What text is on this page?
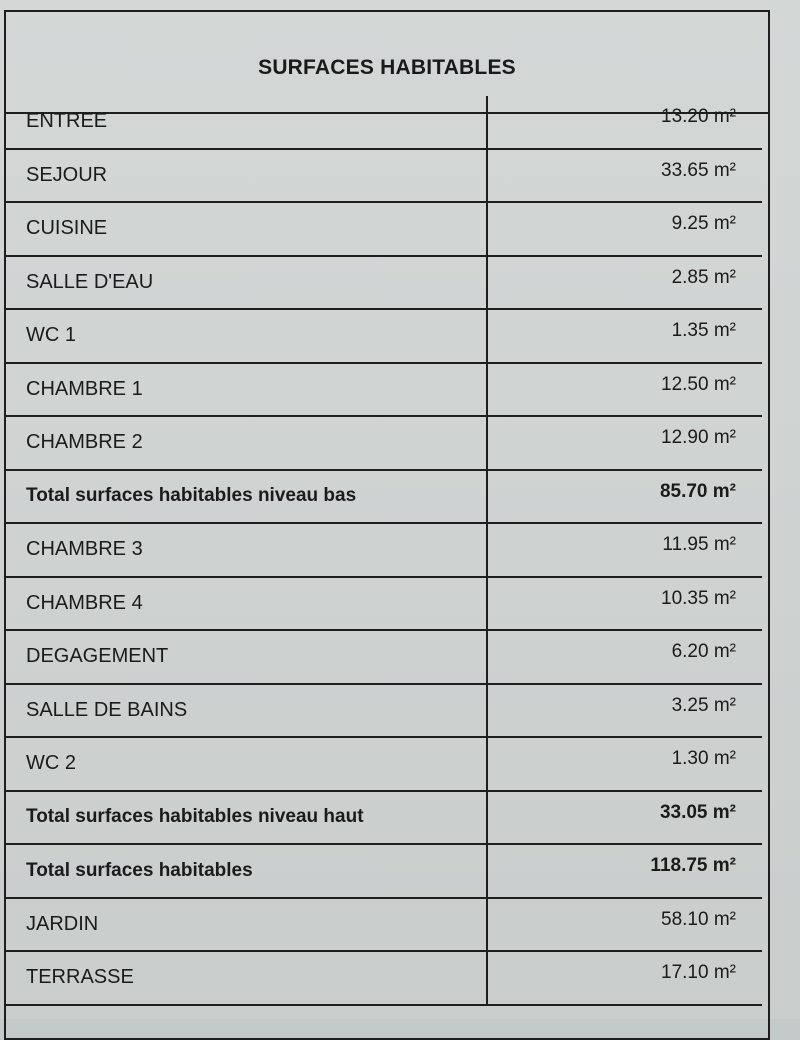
SURFACES HABITABLES
ENTREE	13.20 m²
SEJOUR	33.65 m²
CUISINE	9.25 m²
SALLE D'EAU	2.85 m²
WC 1	1.35 m²
CHAMBRE 1	12.50 m²
CHAMBRE 2	12.90 m²
Total surfaces habitables niveau bas	85.70 m²
CHAMBRE 3	11.95 m²
CHAMBRE 4	10.35 m²
DEGAGEMENT	6.20 m²
SALLE DE BAINS	3.25 m²
WC 2	1.30 m²
Total surfaces habitables niveau haut	33.05 m²
Total surfaces habitables	118.75 m²
JARDIN	58.10 m²
TERRASSE	17.10 m²
